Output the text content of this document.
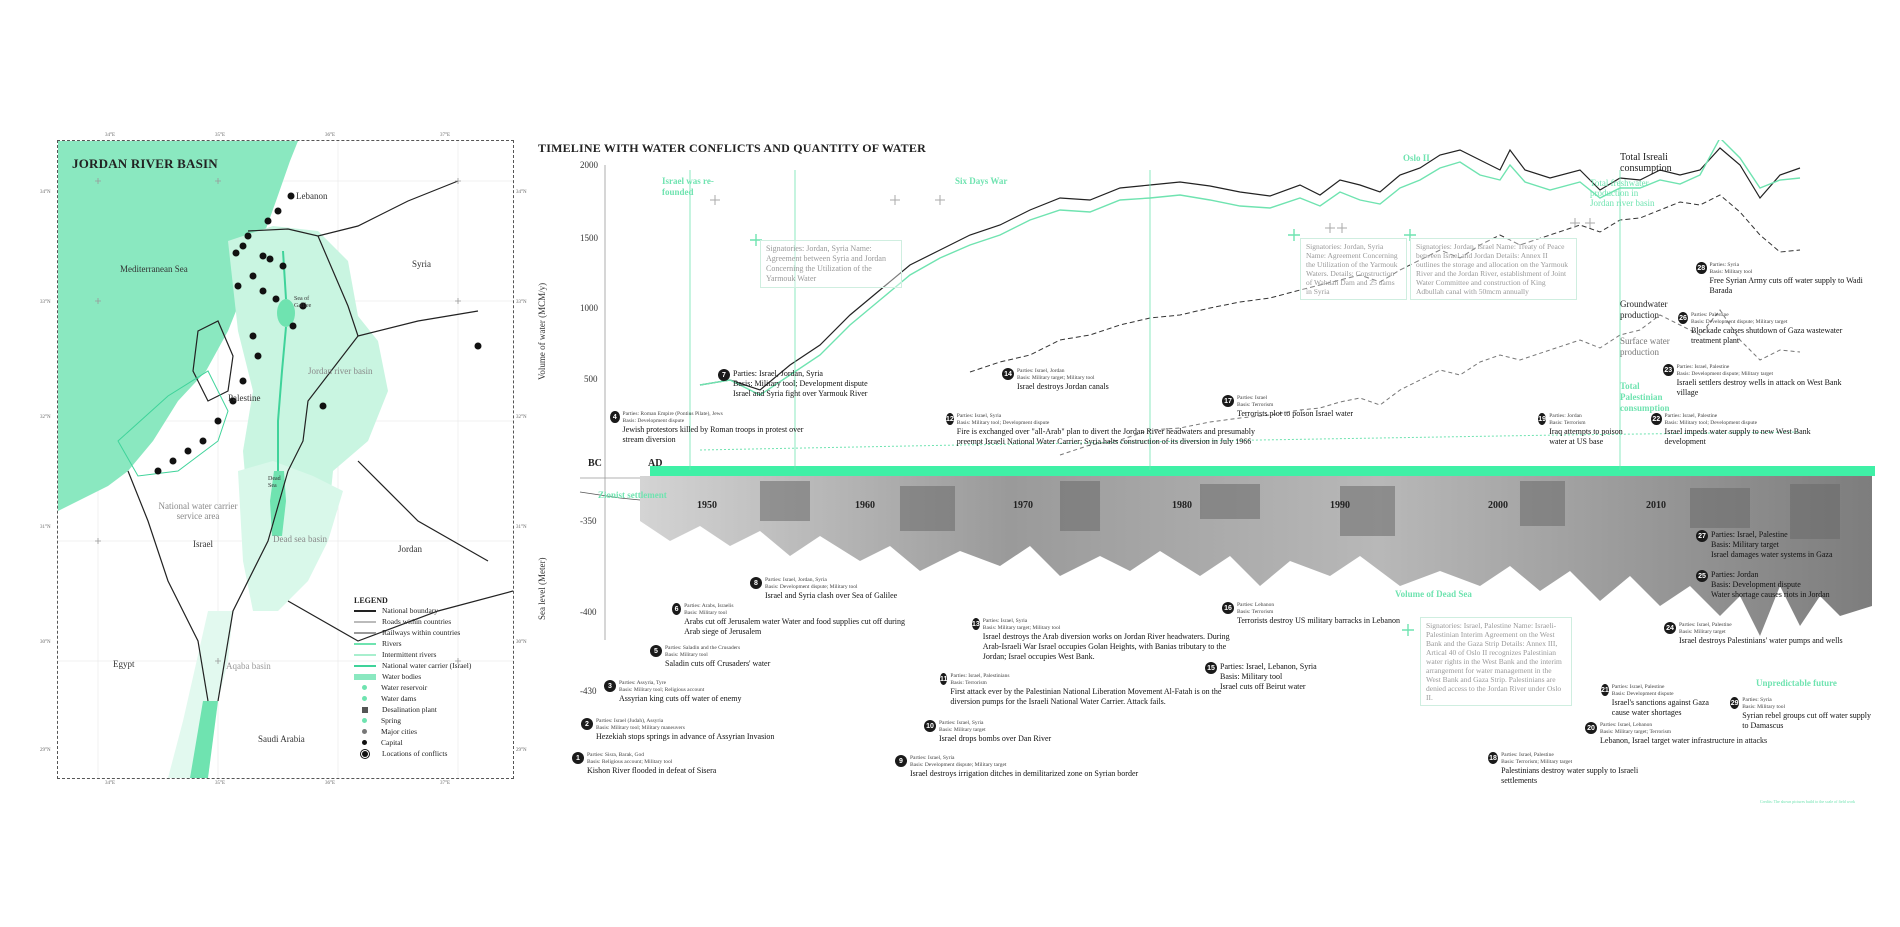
JORDAN RIVER BASIN
Mediterranean Sea
Lebanon
Syria
Sea of Galilee
Jordan river basin
Palestine
Dead Sea
National water carrier service area
Israel	Dead sea basin
Jordan
Egypt	Aqaba basin
Saudi Arabia
LEGEND
National boundary
Roads within countries
Railways within countries
Rivers
Intermittent rivers
National water carrier (Israel)
Water bodies
Water reservoir
Water dams
Desalination plant
Spring
Major cities
Capital
Locations of conflicts
34°E	35°E	36°E	37°E
34°E	35°E	36°E	37°E
34°N
33°N
32°N
31°N
30°N
29°N
34°N
33°N
32°N
31°N
30°N
29°N
TIMELINE WITH WATER CONFLICTS AND QUANTITY OF WATER
Volume of water (MCM/y)
Sea level (Meter)
2000
1500
1000
500
-350
-400
-430
BC	AD
1950	1960	1970	1980	1990	2000	2010
Israel was re-founded
Six Days War
Oslo II
Zionist settlement
Volume of Dead Sea
Unpredictable future
Total Palestinian consumption
Total Isreali consumption
Total freshwater production in Jordan river basin
Groundwater production
Surface water production
Signatories: Jordan, Syria Name: Agreement between Syria and Jordan Concerning the Utilization of the Yarmouk Water
Signatories: Jordan, Syria Name: Agreement Concerning the Utilization of the Yarmouk Waters. Details: Construction of Wahdah Dam and 25 dams in Syria
Signatories: Jordan, Israel Name: Treaty of Peace between Israel and Jordan Details: Annex II outlines the storage and allocation on the Yarmouk River and the Jordan River, establishment of Joint Water Committee and construction of King Adbullah canal with 50mcm annually
Signatories: Israel, Palestine Name: Israeli-Palestinian Interim Agreement on the West Bank and the Gaza Strip Details: Annex III, Artical 40 of Oslo II recognizes Palestinian water rights in the West Bank and the interim arrangement for water management in the West Bank and Gaza Strip. Palestinians are denied access to the Jordan River under Oslo II.
1	Parties: Sisra, Barak, God
Basis: Religious account; Military tool
Kishon River flooded in defeat of Sisera
2	Parties: Israel (Judah), Assyria
Basis: Military tool; Military maneuvers
Hezekiah stops springs in advance of Assyrian Invasion
3	Parties: Assyria, Tyre
Basis: Military tool; Religious account
Assyrian king cuts off water of enemy
4	Parties: Roman Empire (Pontius Pilate), Jews
Basis: Development dispute
Jewish protestors killed by Roman troops in protest over stream diversion
5	Parties: Saladin and the Crusaders
Basis: Military tool
Saladin cuts off Crusaders' water
6	Parties: Arabs, Israelis
Basis: Military tool
Arabs cut off Jerusalem water Water and food supplies cut off during Arab siege of Jerusalem
7 Parties: Israel, Jordan, Syria
Basis: Military tool; Development dispute
Israel and Syria fight over Yarmouk River
8	Parties: Israel, Jordan, Syria
Basis: Development dispute; Military tool
Israel and Syria clash over Sea of Galilee
9	Parties: Israel, Syria
Basis: Development dispute; Military target
Israel destroys irrigation ditches in demilitarized zone on Syrian border
10 Parties: Israel, Syria
Basis: Military target
Israel drops bombs over Dan River
11 Parties: Israel, Palestinians
Basis: Terrorism
First attack ever by the Palestinian National Liberation Movement Al-Fatah is on the diversion pumps for the Israeli National Water Carrier. Attack fails.
12 Parties: Israel, Syria
Basis: Military tool; Development dispute
Fire is exchanged over "all-Arab" plan to divert the Jordan River headwaters and presumably preempt Israeli National Water Carrier; Syria halts construction of its diversion in July 1966
13 Parties: Israel, Syria
Basis: Military target; Military tool
Israel destroys the Arab diversion works on Jordan River headwaters. During Arab-Israeli War Israel occupies Golan Heights, with Banias tributary to the Jordan; Israel occupies West Bank.
14 Parties: Israel, Jordan
Basis: Military target; Military tool
Israel destroys Jordan canals
15 Parties: Israel, Lebanon, Syria
Basis: Military tool
Israel cuts off Beirut water
16 Parties: Lebanon
Basis: Terrorism
Terrorists destroy US military barracks in Lebanon
17 Parties: Israel
Basis: Terrorism
Terrorists plot to poison Israel water
18 Parties: Israel, Palestine
Basis: Terrorism; Military target
Palestinians destroy water supply to Israeli settlements
19 Parties: Jordan
Basis: Terrorism
Iraq attempts to poison water at US base
20 Parties: Israel, Lebanon
Basis: Military target; Terrorism
Lebanon, Israel target water infrastructure in attacks
21 Parties: Israel, Palestine
Basis: Development dispute
Israel's sanctions against Gaza cause water shortages
22 Parties: Israel, Palestine
Basis: Military tool; Development dispute
Israel impeds water supply to new West Bank development
23 Parties: Israel, Palestine
Basis: Development dispute; Military target
Israeli settlers destroy wells in attack on West Bank village
24 Parties: Israel, Palestine
Basis: Military target
Israel destroys Palestinians' water pumps and wells
25 Parties: Jordan
Basis: Development dispute
Water shortage causes riots in Jordan
26 Parties: Palestine
Basis: Development dispute; Military target
Blockade causes shutdown of Gaza wastewater treatment plant
27 Parties: Israel, Palestine
Basis: Military target
Israel damages water systems in Gaza
28 Parties: Syria
Basis: Military tool
Free Syrian Army cuts off water supply to Wadi Barada
29 Parties: Syria
Basis: Military tool
Syrian rebel groups cut off water supply to Damascus
Credits: The shown pictures build to the scale of field work
